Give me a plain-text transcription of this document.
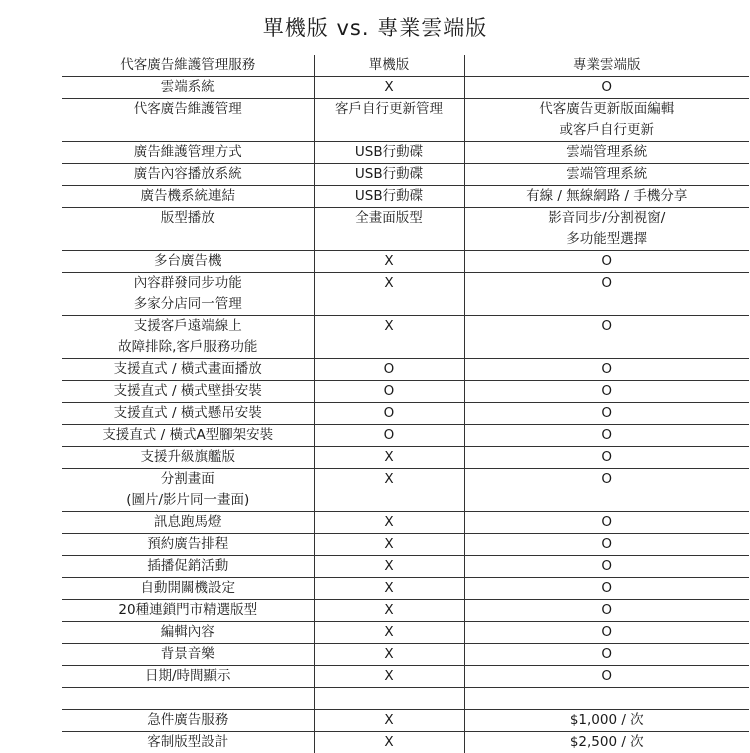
單機版 vs. 專業雲端版
代客廣告維護管理服務	單機版	專業雲端版
雲端系統	X	O
代客廣告維護管理	客戶自行更新管理	代客廣告更新版面編輯
		或客戶自行更新
廣告維護管理方式	USB行動碟	雲端管理系統
廣告內容播放系統	USB行動碟	雲端管理系統
廣告機系統連結	USB行動碟	有線 / 無線網路 / 手機分享
版型播放	全畫面版型	影音同步/分割視窗/
		多功能型選擇
多台廣告機	X	O
內容群發同步功能	X	O
多家分店同一管理		
支援客戶遠端線上	X	O
故障排除,客戶服務功能		
支援直式 / 橫式畫面播放	O	O
支援直式 / 橫式壁掛安裝	O	O
支援直式 / 橫式懸吊安裝	O	O
支援直式 / 橫式A型腳架安裝	O	O
支援升級旗艦版	X	O
分割畫面	X	O
(圖片/影片同一畫面)		
訊息跑馬燈	X	O
預約廣告排程	X	O
插播促銷活動	X	O
自動開關機設定	X	O
20種連鎖門市精選版型	X	O
編輯內容	X	O
背景音樂	X	O
日期/時間顯示	X	O

急件廣告服務	X	$1,000 / 次
客制版型設計	X	$2,500 / 次
